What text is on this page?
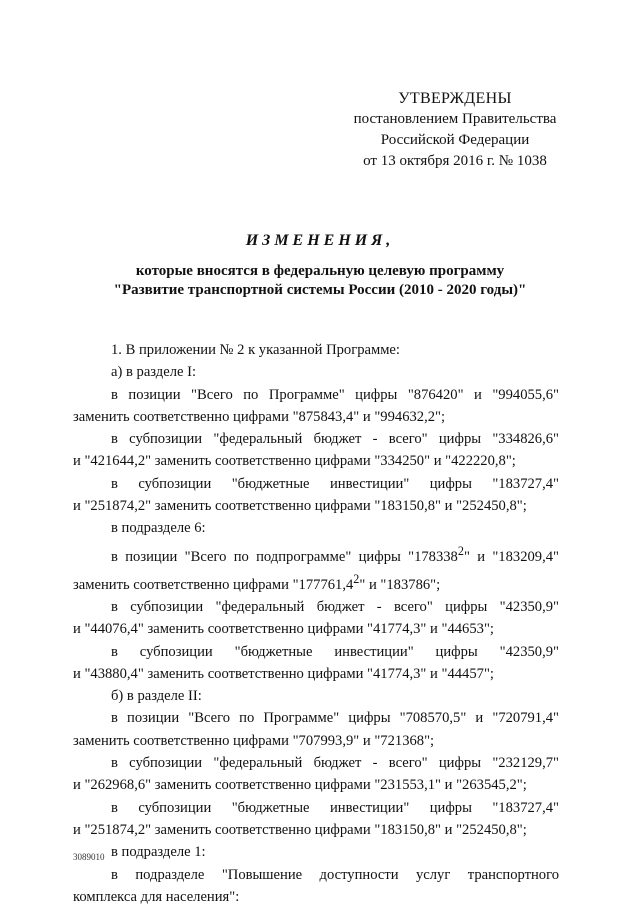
УТВЕРЖДЕНЫ
постановлением Правительства
Российской Федерации
от 13 октября 2016 г. № 1038
ИЗМЕНЕНИЯ,
которые вносятся в федеральную целевую программу
"Развитие транспортной системы России (2010 - 2020 годы)"
1. В приложении № 2 к указанной Программе:
а) в разделе I:
в позиции "Всего по Программе" цифры "876420" и "994055,6"
заменить соответственно цифрами "875843,4" и "994632,2";
в субпозиции "федеральный бюджет - всего" цифры "334826,6"
и "421644,2" заменить соответственно цифрами "334250" и "422220,8";
в субпозиции "бюджетные инвестиции" цифры "183727,4"
и "251874,2" заменить соответственно цифрами "183150,8" и "252450,8";
в подразделе 6:
в позиции "Всего по подпрограмме" цифры "178338$^2$" и "183209,4"
заменить соответственно цифрами "177761,4$^2$" и "183786";
в субпозиции "федеральный бюджет - всего" цифры "42350,9"
и "44076,4" заменить соответственно цифрами "41774,3" и "44653";
в субпозиции "бюджетные инвестиции" цифры "42350,9"
и "43880,4" заменить соответственно цифрами "41774,3" и "44457";
б) в разделе II:
в позиции "Всего по Программе" цифры "708570,5" и "720791,4"
заменить соответственно цифрами "707993,9" и "721368";
в субпозиции "федеральный бюджет - всего" цифры "232129,7"
и "262968,6" заменить соответственно цифрами "231553,1" и "263545,2";
в субпозиции "бюджетные инвестиции" цифры "183727,4"
и "251874,2" заменить соответственно цифрами "183150,8" и "252450,8";
в подразделе 1:
в подразделе "Повышение доступности услуг транспортного
комплекса для населения":
3089010
